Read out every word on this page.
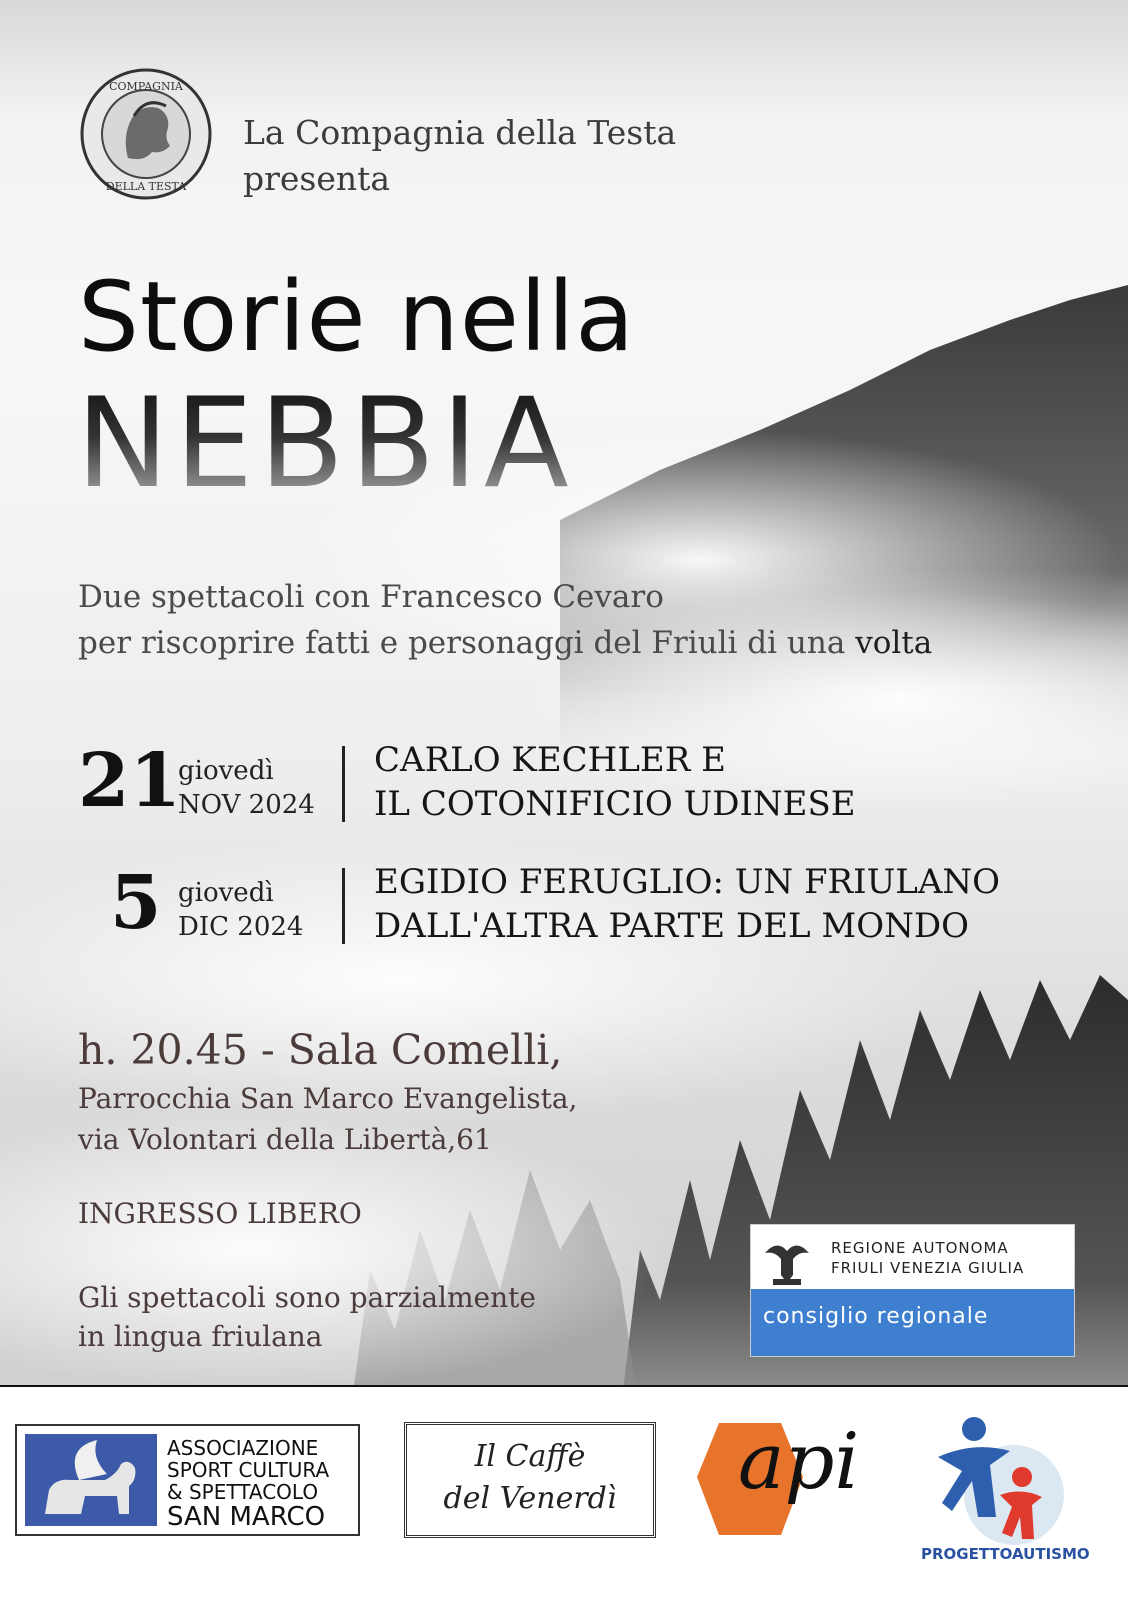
COMPAGNIA
DELLA TESTA
La Compagnia della Testa
presenta
Storie nella
NEBBIA
Due spettacoli con Francesco Cevaro
per riscoprire fatti e personaggi del Friuli di una volta
21
giovedì
NOV 2024
CARLO KECHLER E
IL COTONIFICIO UDINESE
5 giovedì
DIC 2024
EGIDIO FERUGLIO: UN FRIULANO
DALL'ALTRA PARTE DEL MONDO
h. 20.45 - Sala Comelli,
Parrocchia San Marco Evangelista,
via Volontari della Libertà,61
INGRESSO LIBERO
Gli spettacoli sono parzialmente
in lingua friulana
REGIONE AUTONOMA
FRIULI VENEZIA GIULIA
consiglio regionale
ASSOCIAZIONE
SPORT CULTURA
& SPETTACOLO
SAN MARCO
Il Caffè
del Venerdì	api
PROGETTOAUTISMO
